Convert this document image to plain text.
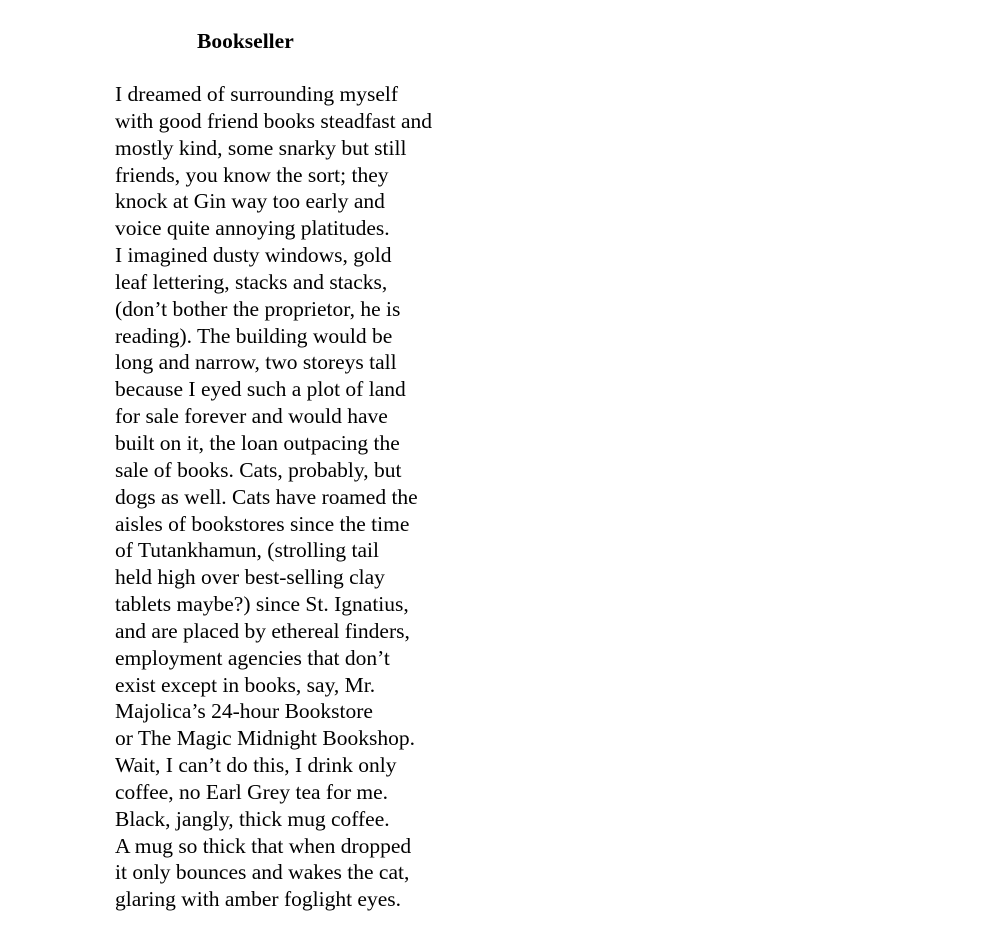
Bookseller
I dreamed of surrounding myself
with good friend books steadfast and
mostly kind, some snarky but still
friends, you know the sort; they
knock at Gin way too early and
voice quite annoying platitudes.
I imagined dusty windows, gold
leaf lettering, stacks and stacks,
(don’t bother the proprietor, he is
reading). The building would be
long and narrow, two storeys tall
because I eyed such a plot of land
for sale forever and would have
built on it, the loan outpacing the
sale of books. Cats, probably, but
dogs as well. Cats have roamed the
aisles of bookstores since the time
of Tutankhamun, (strolling tail
held high over best-selling clay
tablets maybe?) since St. Ignatius,
and are placed by ethereal finders,
employment agencies that don’t
exist except in books, say, Mr.
Majolica’s 24-hour Bookstore
or The Magic Midnight Bookshop.
Wait, I can’t do this, I drink only
coffee, no Earl Grey tea for me.
Black, jangly, thick mug coffee.
A mug so thick that when dropped
it only bounces and wakes the cat,
glaring with amber foglight eyes.
